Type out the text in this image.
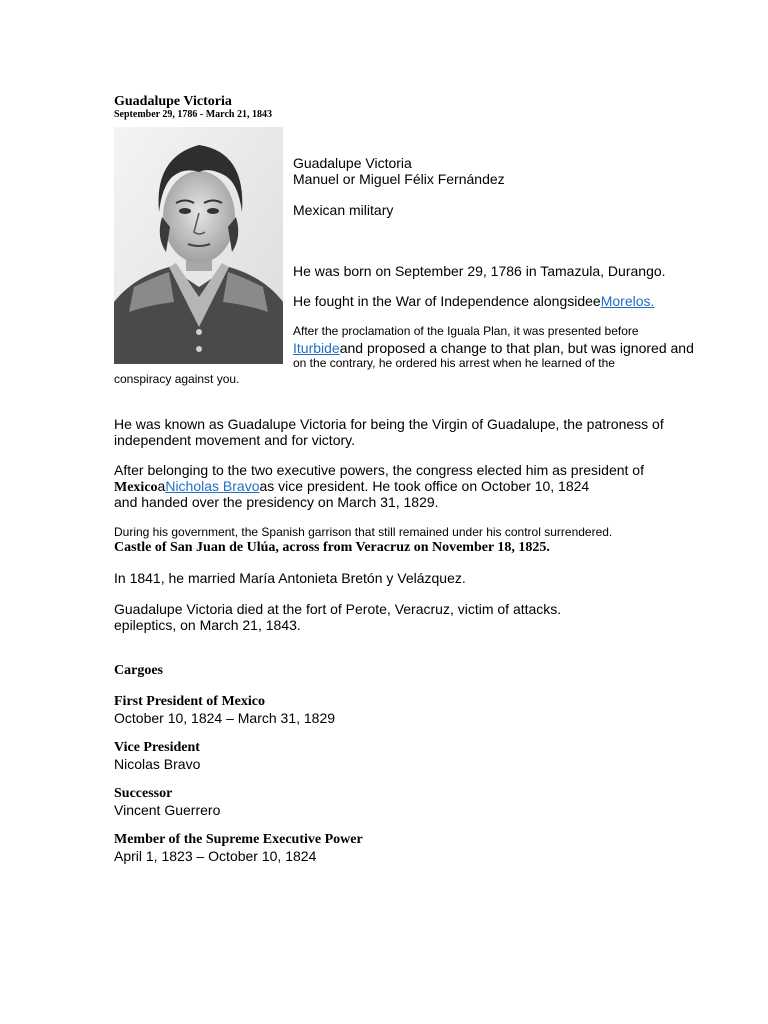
Guadalupe Victoria
September 29, 1786 - March 21, 1843
Guadalupe Victoria
Manuel or Miguel Félix Fernández
Mexican military
He was born on September 29, 1786 in Tamazula, Durango.
He fought in the War of Independence alongsideeMorelos.
After the proclamation of the Iguala Plan, it was presented before
Iturbideand proposed a change to that plan, but was ignored and
on the contrary, he ordered his arrest when he learned of the
conspiracy against you.
He was known as Guadalupe Victoria for being the Virgin of Guadalupe, the patroness of
independent movement and for victory.
After belonging to the two executive powers, the congress elected him as president of
MexicoaNicholas Bravoas vice president. He took office on October 10, 1824
and handed over the presidency on March 31, 1829.
During his government, the Spanish garrison that still remained under his control surrendered.
Castle of San Juan de Ulúa, across from Veracruz on November 18, 1825.
In 1841, he married María Antonieta Bretón y Velázquez.
Guadalupe Victoria died at the fort of Perote, Veracruz, victim of attacks.
epileptics, on March 21, 1843.
Cargoes
First President of Mexico
October 10, 1824 – March 31, 1829
Vice President
Nicolas Bravo
Successor
Vincent Guerrero
Member of the Supreme Executive Power
April 1, 1823 – October 10, 1824
